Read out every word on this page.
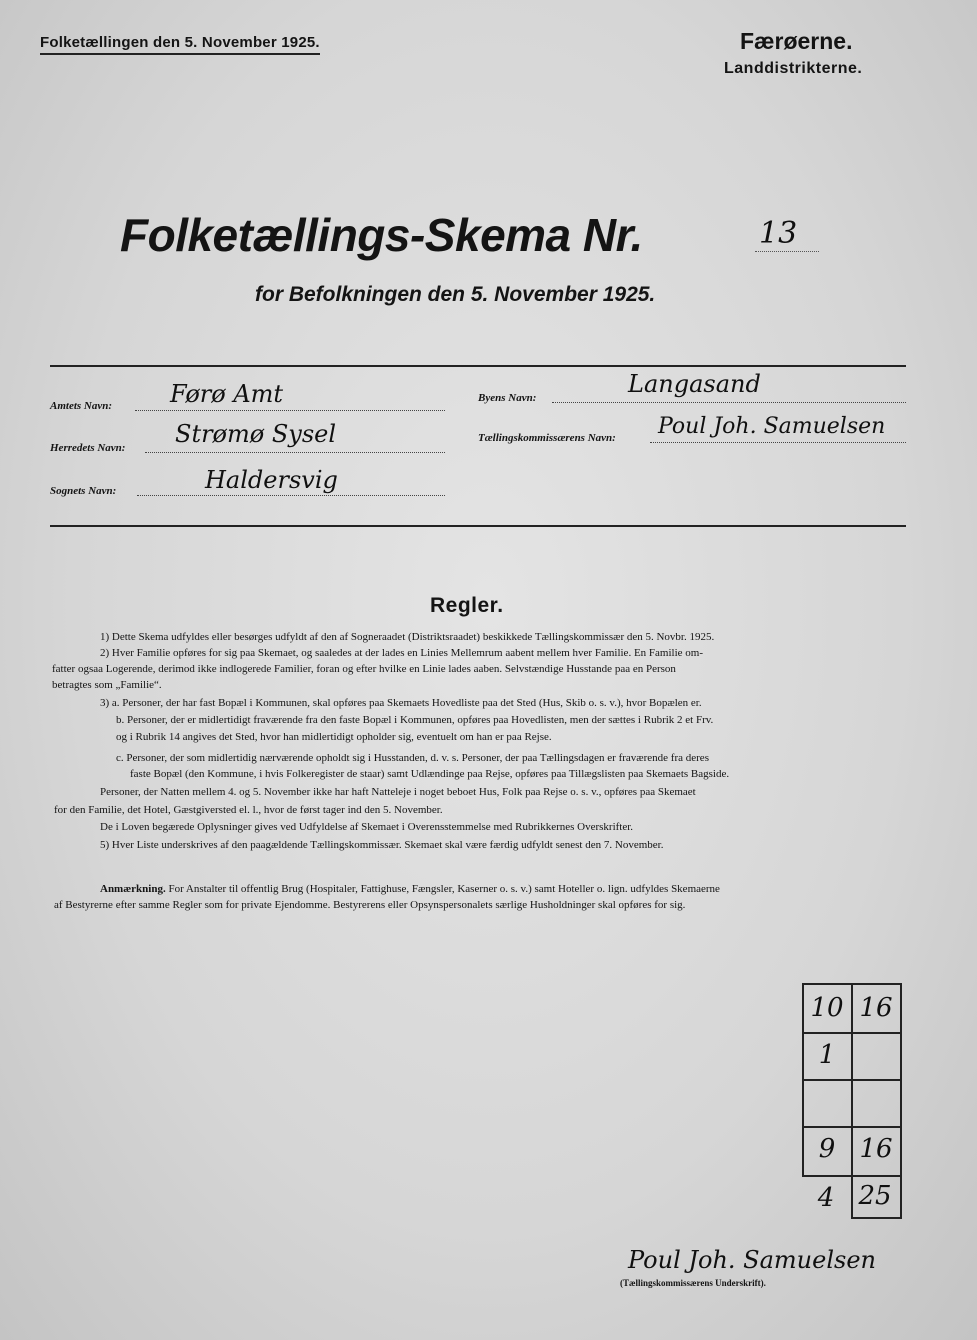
Folketællingen den 5. November 1925.	Færøerne.
Landdistrikterne.
Folketællings-Skema Nr.	13
for Befolkningen den 5. November 1925.
Amtets Navn: Førø Amt
Herredets Navn: Strømø Sysel
Sognets Navn:	Haldersvig
Byens Navn:	Langasand
Tællingskommissærens Navn: Poul Joh. Samuelsen
Regler.

1) Dette Skema udfyldes eller besørges udfyldt af den af Sogneraadet (Distriktsraadet) beskikkede Tællingskommissær den 5. Novbr. 1925.

2) Hver Familie opføres for sig paa Skemaet, og saaledes at der lades en Linies Mellemrum aabent mellem hver Familie. En Familie om-

fatter ogsaa Logerende, derimod ikke indlogerede Familier, foran og efter hvilke en Linie lades aaben. Selvstændige Husstande paa en Person

betragtes som „Familie“.

3) a. Personer, der har fast Bopæl i Kommunen, skal opføres paa Skemaets Hovedliste paa det Sted (Hus, Skib o. s. v.), hvor Bopælen er.

b. Personer, der er midlertidigt fraværende fra den faste Bopæl i Kommunen, opføres paa Hovedlisten, men der sættes i Rubrik 2 et Frv.

og i Rubrik 14 angives det Sted, hvor han midlertidigt opholder sig, eventuelt om han er paa Rejse.

c. Personer, der som midlertidig nærværende opholdt sig i Husstanden, d. v. s. Personer, der paa Tællingsdagen er fraværende fra deres

faste Bopæl (den Kommune, i hvis Folkeregister de staar) samt Udlændinge paa Rejse, opføres paa Tillægslisten paa Skemaets Bagside.

Personer, der Natten mellem 4. og 5. November ikke har haft Natteleje i noget beboet Hus, Folk paa Rejse o. s. v., opføres paa Skemaet

for den Familie, det Hotel, Gæstgiversted el. l., hvor de først tager ind den 5. November.

De i Loven begærede Oplysninger gives ved Udfyldelse af Skemaet i Overensstemmelse med Rubrikkernes Overskrifter.

5) Hver Liste underskrives af den paagældende Tællingskommissær. Skemaet skal være færdig udfyldt senest den 7. November.

Anmærkning. For Anstalter til offentlig Brug (Hospitaler, Fattighuse, Fængsler, Kaserner o. s. v.) samt Hoteller o. lign. udfyldes Skemaerne
af Bestyrerne efter samme Regler som for private Ejendomme. Bestyrerens eller Opsynspersonalets særlige Husholdninger skal opføres for sig.
10 16
1
9 16
4 25
Poul Joh. Samuelsen
(Tællingskommissærens Underskrift).
